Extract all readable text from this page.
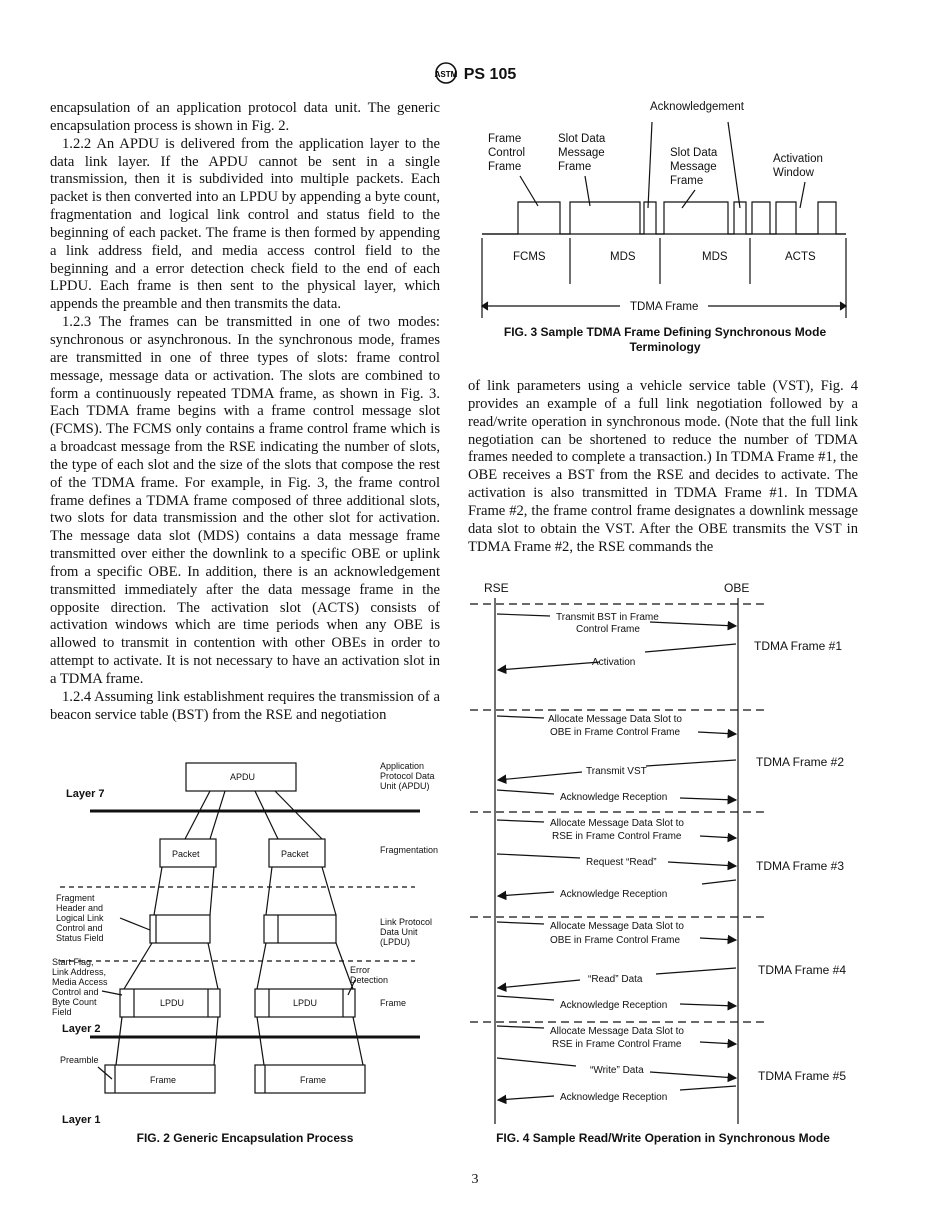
ASTM PS 105

encapsulation of an application protocol data unit. The generic encapsulation process is shown in Fig. 2.

1.2.2 An APDU is delivered from the application layer to the data link layer. If the APDU cannot be sent in a single transmission, then it is subdivided into multiple packets. Each packet is then converted into an LPDU by appending a byte count, fragmentation and logical link control and status field to the beginning of each packet. The frame is then formed by appending a link address field, and media access control field to the beginning and a error detection check field to the end of each LPDU. Each frame is then sent to the physical layer, which appends the preamble and then transmits the data.

1.2.3 The frames can be transmitted in one of two modes: synchronous or asynchronous. In the synchronous mode, frames are transmitted in one of three types of slots: frame control message, message data or activation. The slots are combined to form a continuously repeated TDMA frame, as shown in Fig. 3. Each TDMA frame begins with a frame control message slot (FCMS). The FCMS only contains a frame control frame which is a broadcast message from the RSE indicating the number of slots, the type of each slot and the size of the slots that compose the rest of the TDMA frame. For example, in Fig. 3, the frame control frame defines a TDMA frame composed of three additional slots, two slots for data transmission and the other slot for activation. The message data slot (MDS) contains a data message frame transmitted over either the downlink to a specific OBE or uplink from a specific OBE. In addition, there is an acknowledgement transmitted immediately after the data message frame in the opposite direction. The activation slot (ACTS) consists of activation windows which are time periods when any OBE is allowed to transmit in contention with other OBEs in order to attempt to activate. It is not necessary to have an activation slot in a TDMA frame.

1.2.4 Assuming link establishment requires the transmission of a beacon service table (BST) from the RSE and negotiation

of link parameters using a vehicle service table (VST), Fig. 4 provides an example of a full link negotiation followed by a read/write operation in synchronous mode. (Note that the full link negotiation can be shortened to reduce the number of TDMA frames needed to complete a transaction.) In TDMA Frame #1, the OBE receives a BST from the RSE and decides to activate. The activation is also transmitted in TDMA Frame #1. In TDMA Frame #2, the frame control frame designates a downlink message data slot to obtain the VST. After the OBE transmits the VST in TDMA Frame #2, the RSE commands the

Acknowledgement
Frame
Control
Frame
Slot Data
Message
Frame
Slot Data
Message
Frame
Activation
Window
FCMS	MDS	MDS	ACTS
TDMA Frame
FIG. 3 Sample TDMA Frame Defining Synchronous Mode Terminology
APDU
Application
Protocol Data
Unit (APDU)
Layer 7
Packet	Packet	Fragmentation
Fragment
Header and
Logical Link
Control and
Status Field
Link Protocol
Data Unit
(LPDU)
Start Flag,
Link Address,
Media Access
Control and
Byte Count
Field
Error
Detection
LPDU	LPDU	Frame
Layer 2
Preamble
Frame	Frame
Layer 1
FIG. 2 Generic Encapsulation Process
RSE	OBE
Transmit BST in Frame
Control Frame
Activation
TDMA Frame #1
Allocate Message Data Slot to
OBE in Frame Control Frame
Transmit VST
Acknowledge Reception
TDMA Frame #2
Allocate Message Data Slot to
RSE in Frame Control Frame
Request “Read”
Acknowledge Reception
TDMA Frame #3
Allocate Message Data Slot to
OBE in Frame Control Frame
“Read” Data
Acknowledge Reception
TDMA Frame #4
Allocate Message Data Slot to
RSE in Frame Control Frame
“Write” Data
Acknowledge Reception
TDMA Frame #5
FIG. 4 Sample Read/Write Operation in Synchronous Mode
3
